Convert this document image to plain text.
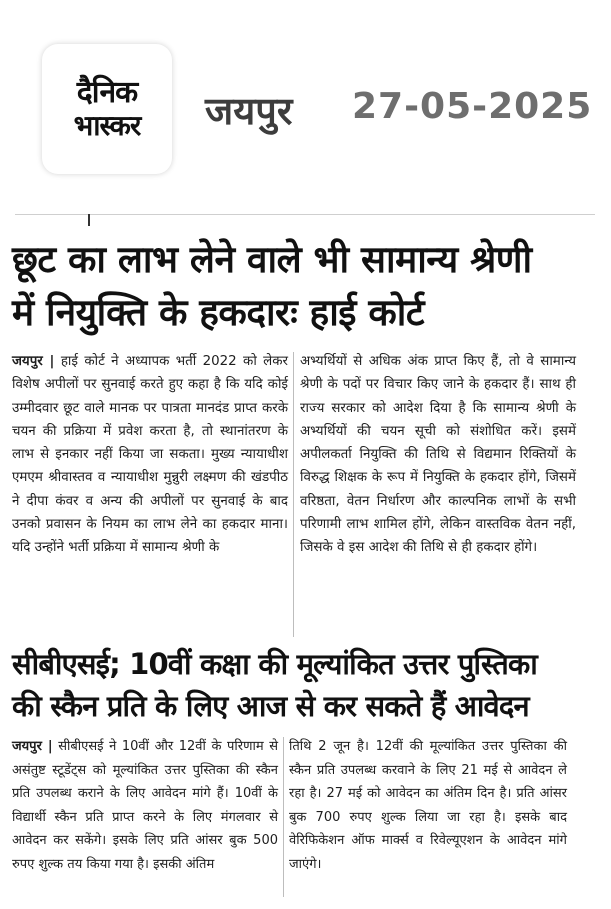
दैनिक
भास्कर जयपुर 27-05-2025
छूट का लाभ लेने वाले भी सामान्य श्रेणी
में नियुक्ति के हकदारः हाई कोर्ट
जयपुर | हाई कोर्ट ने अध्यापक भर्ती 2022 को लेकर विशेष अपीलों पर सुनवाई करते हुए कहा है कि यदि कोई उम्मीदवार छूट वाले मानक पर पात्रता मानदंड प्राप्त करके चयन की प्रक्रिया में प्रवेश करता है, तो स्थानांतरण के लाभ से इनकार नहीं किया जा सकता। मुख्य न्यायाधीश एमएम श्रीवास्तव व न्यायाधीश मुन्नुरी लक्ष्मण की खंडपीठ ने दीपा कंवर व अन्य की अपीलों पर सुनवाई के बाद उनको प्रवासन के नियम का लाभ लेने का हकदार माना। यदि उन्होंने भर्ती प्रक्रिया में सामान्य श्रेणी के
अभ्यर्थियों से अधिक अंक प्राप्त किए हैं, तो वे सामान्य श्रेणी के पदों पर विचार किए जाने के हकदार हैं। साथ ही राज्य सरकार को आदेश दिया है कि सामान्य श्रेणी के अभ्यर्थियों की चयन सूची को संशोधित करें। इसमें अपीलकर्ता नियुक्ति की तिथि से विद्यमान रिक्तियों के विरुद्ध शिक्षक के रूप में नियुक्ति के हकदार होंगे, जिसमें वरिष्ठता, वेतन निर्धारण और काल्पनिक लाभों के सभी परिणामी लाभ शामिल होंगे, लेकिन वास्तविक वेतन नहीं, जिसके वे इस आदेश की तिथि से ही हकदार होंगे।
सीबीएसई; 10वीं कक्षा की मूल्यांकित उत्तर पुस्तिका
की स्कैन प्रति के लिए आज से कर सकते हैं आवेदन
जयपुर | सीबीएसई ने 10वीं और 12वीं के परिणाम से असंतुष्ट स्टूडेंट्स को मूल्यांकित उत्तर पुस्तिका की स्कैन प्रति उपलब्ध कराने के लिए आवेदन मांगे हैं। 10वीं के विद्यार्थी स्कैन प्रति प्राप्त करने के लिए मंगलवार से आवेदन कर सकेंगे। इसके लिए प्रति आंसर बुक 500 रुपए शुल्क तय किया गया है। इसकी अंतिम
तिथि 2 जून है। 12वीं की मूल्यांकित उत्तर पुस्तिका की स्कैन प्रति उपलब्ध करवाने के लिए 21 मई से आवेदन ले रहा है। 27 मई को आवेदन का अंतिम दिन है। प्रति आंसर बुक 700 रुपए शुल्क लिया जा रहा है। इसके बाद वेरिफिकेशन ऑफ मार्क्स व रिवेल्यूएशन के आवेदन मांगे जाएंगे।
